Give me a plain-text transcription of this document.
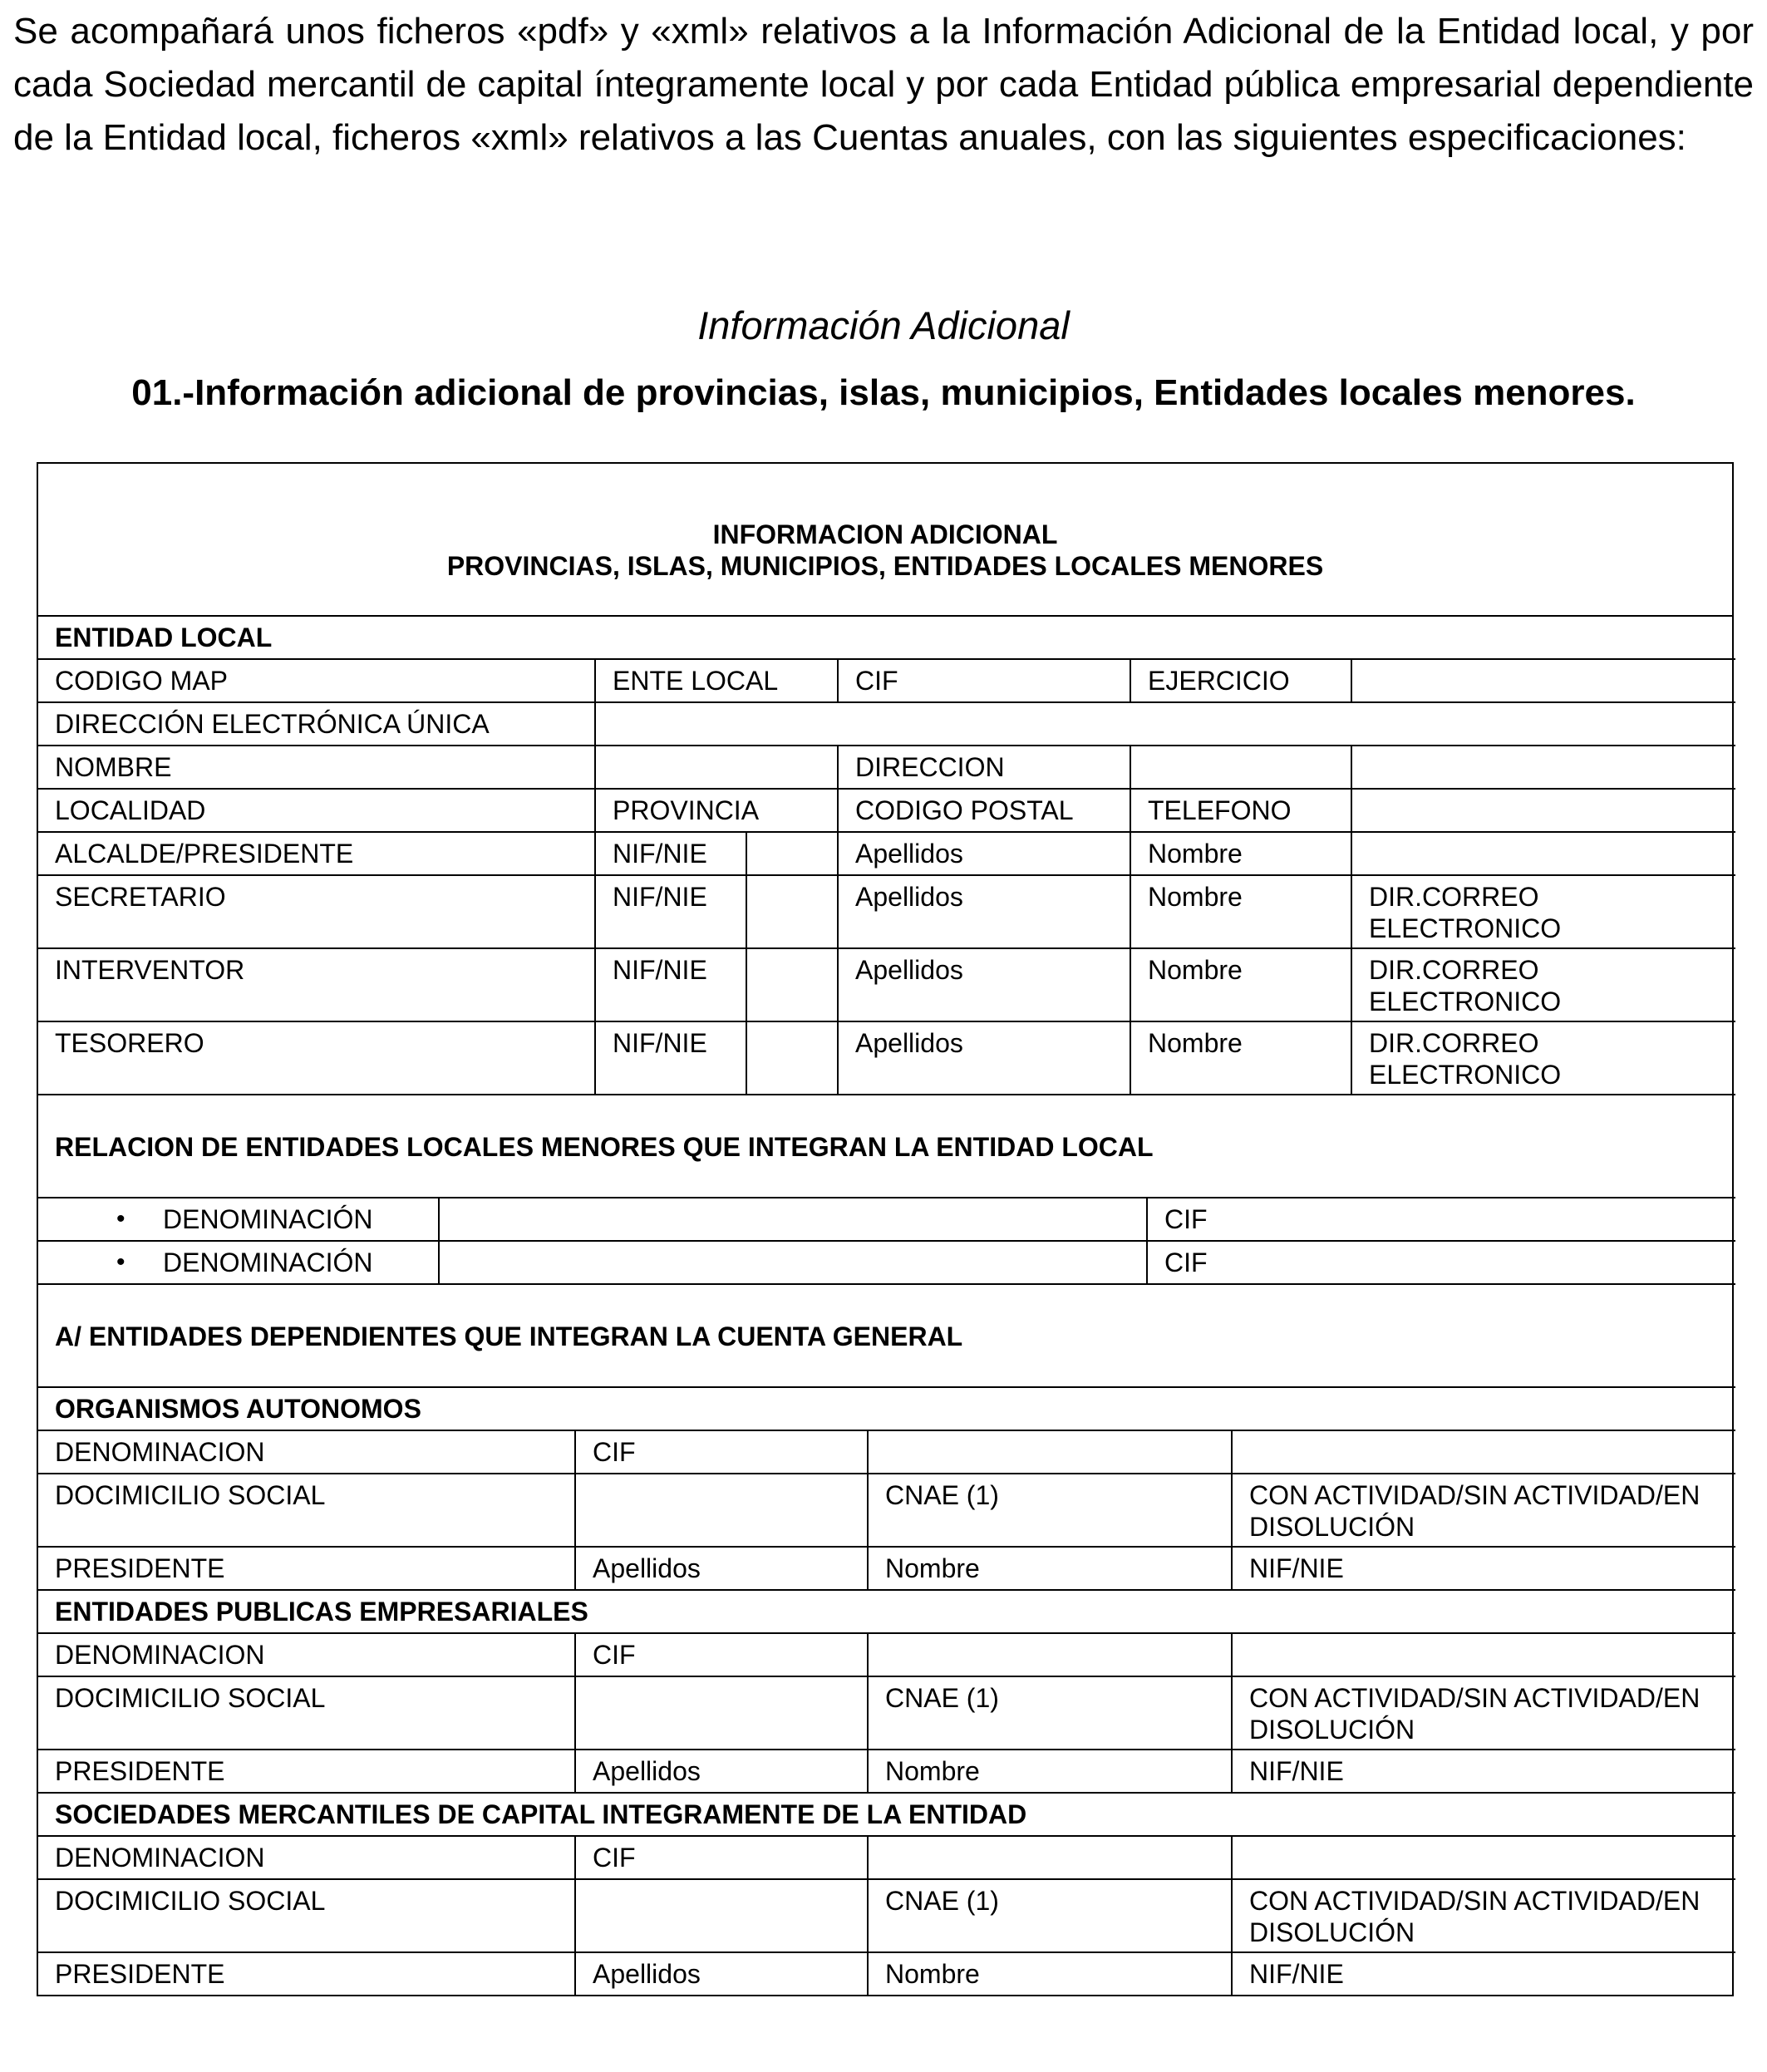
Se acompañará unos ficheros «pdf» y «xml» relativos a la Información Adicional de la Entidad local, y por cada Sociedad mercantil de capital íntegramente local y por cada Entidad pública empresarial dependiente de la Entidad local, ficheros «xml» relativos a las Cuentas anuales, con las siguientes especificaciones:

Información Adicional
01.-Información adicional de provincias, islas, municipios, Entidades locales menores.
INFORMACION ADICIONAL
PROVINCIAS, ISLAS, MUNICIPIOS, ENTIDADES LOCALES MENORES
ENTIDAD LOCAL					
CODIGO MAP	ENTE LOCAL		CIF	EJERCICIO	
DIRECCIÓN ELECTRÓNICA ÚNICA					
NOMBRE			DIRECCION		
LOCALIDAD	PROVINCIA		CODIGO POSTAL	TELEFONO	
ALCALDE/PRESIDENTE	NIF/NIE		Apellidos	Nombre	
SECRETARIO	NIF/NIE		Apellidos	Nombre	DIR.CORREO ELECTRONICO
INTERVENTOR	NIF/NIE		Apellidos	Nombre	DIR.CORREO ELECTRONICO
TESORERO	NIF/NIE		Apellidos	Nombre	DIR.CORREO ELECTRONICO
RELACION DE ENTIDADES LOCALES MENORES QUE INTEGRAN LA ENTIDAD LOCAL					
• DENOMINACIÓN		CIF

• DENOMINACIÓN		CIF
A/ ENTIDADES DEPENDIENTES QUE INTEGRAN LA CUENTA GENERAL			
ORGANISMOS AUTONOMOS			
DENOMINACION	CIF		
DOCIMICILIO SOCIAL		CNAE (1)	CON ACTIVIDAD/SIN ACTIVIDAD/EN DISOLUCIÓN
PRESIDENTE	Apellidos	Nombre	NIF/NIE
ENTIDADES PUBLICAS EMPRESARIALES			
DENOMINACION	CIF		
DOCIMICILIO SOCIAL		CNAE (1)	CON ACTIVIDAD/SIN ACTIVIDAD/EN DISOLUCIÓN
PRESIDENTE	Apellidos	Nombre	NIF/NIE
SOCIEDADES MERCANTILES DE CAPITAL INTEGRAMENTE DE LA ENTIDAD			
DENOMINACION	CIF		
DOCIMICILIO SOCIAL		CNAE (1)	CON ACTIVIDAD/SIN ACTIVIDAD/EN DISOLUCIÓN
PRESIDENTE	Apellidos	Nombre	NIF/NIE
